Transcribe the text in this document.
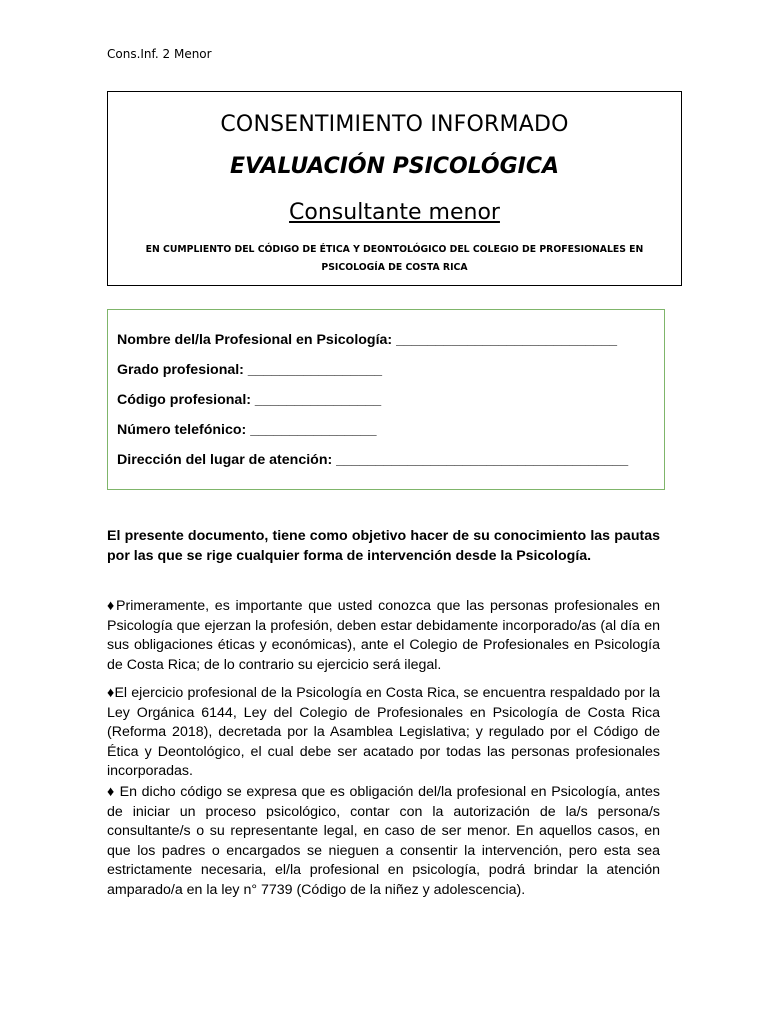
Cons.Inf. 2 Menor
CONSENTIMIENTO INFORMADO
EVALUACIÓN PSICOLÓGICA
Consultante menor
EN CUMPLIENTO DEL CÓDIGO DE ÉTICA Y DEONTOLÓGICO DEL COLEGIO DE PROFESIONALES EN PSICOLOGÍA DE COSTA RICA
Nombre del/la Profesional en Psicología: ____________________________
Grado profesional: _________________
Código profesional: ________________
Número telefónico: ________________
Dirección del lugar de atención: _____________________________________

El presente documento, tiene como objetivo hacer de su conocimiento las pautas por las que se rige cualquier forma de intervención desde la Psicología.

♦Primeramente, es importante que usted conozca que las personas profesionales en Psicología que ejerzan la profesión, deben estar debidamente incorporado/as (al día en sus obligaciones éticas y económicas), ante el Colegio de Profesionales en Psicología de Costa Rica; de lo contrario su ejercicio será ilegal.

♦El ejercicio profesional de la Psicología en Costa Rica, se encuentra respaldado por la Ley Orgánica 6144, Ley del Colegio de Profesionales en Psicología de Costa Rica (Reforma 2018), decretada por la Asamblea Legislativa; y regulado por el Código de Ética y Deontológico, el cual debe ser acatado por todas las personas profesionales incorporadas.

♦ En dicho código se expresa que es obligación del/la profesional en Psicología, antes de iniciar un proceso psicológico, contar con la autorización de la/s persona/s consultante/s o su representante legal, en caso de ser menor. En aquellos casos, en que los padres o encargados se nieguen a consentir la intervención, pero esta sea estrictamente necesaria, el/la profesional en psicología, podrá brindar la atención amparado/a en la ley n° 7739 (Código de la niñez y adolescencia).
